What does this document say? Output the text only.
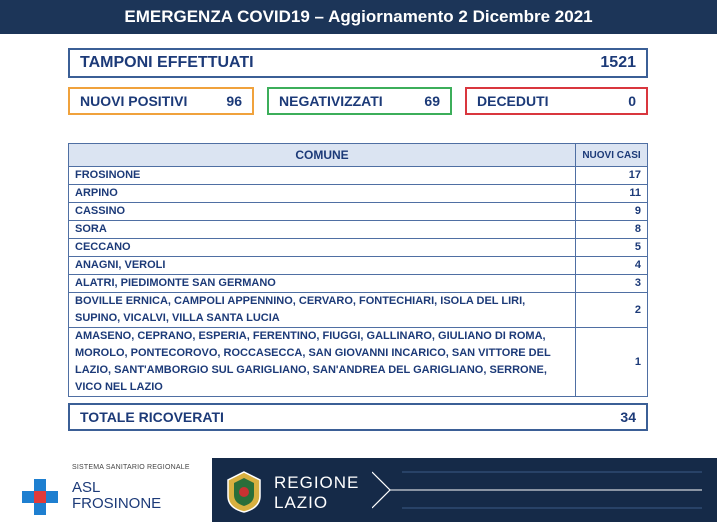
EMERGENZA COVID19 – Aggiornamento 2 Dicembre 2021
TAMPONI EFFETTUATI	1521
NUOVI POSITIVI	96	NEGATIVIZZATI	69	DECEDUTI	0
COMUNE	NUOVI CASI
FROSINONE	17
ARPINO	11
CASSINO	9
SORA	8
CECCANO	5
ANAGNI, VEROLI	4
ALATRI, PIEDIMONTE SAN GERMANO	3
BOVILLE ERNICA, CAMPOLI APPENNINO, CERVARO, FONTECHIARI, ISOLA DEL LIRI, SUPINO, VICALVI, VILLA SANTA LUCIA	2
AMASENO, CEPRANO, ESPERIA, FERENTINO, FIUGGI, GALLINARO, GIULIANO DI ROMA, MOROLO, PONTECOROVO, ROCCASECCA, SAN GIOVANNI INCARICO, SAN VITTORE DEL LAZIO, SANT'AMBORGIO SUL GARIGLIANO, SAN'ANDREA DEL GARIGLIANO, SERRONE, VICO NEL LAZIO	1
TOTALE RICOVERATI	34
SISTEMA SANITARIO REGIONALE
ASL
FROSINONE
REGIONE
LAZIO
